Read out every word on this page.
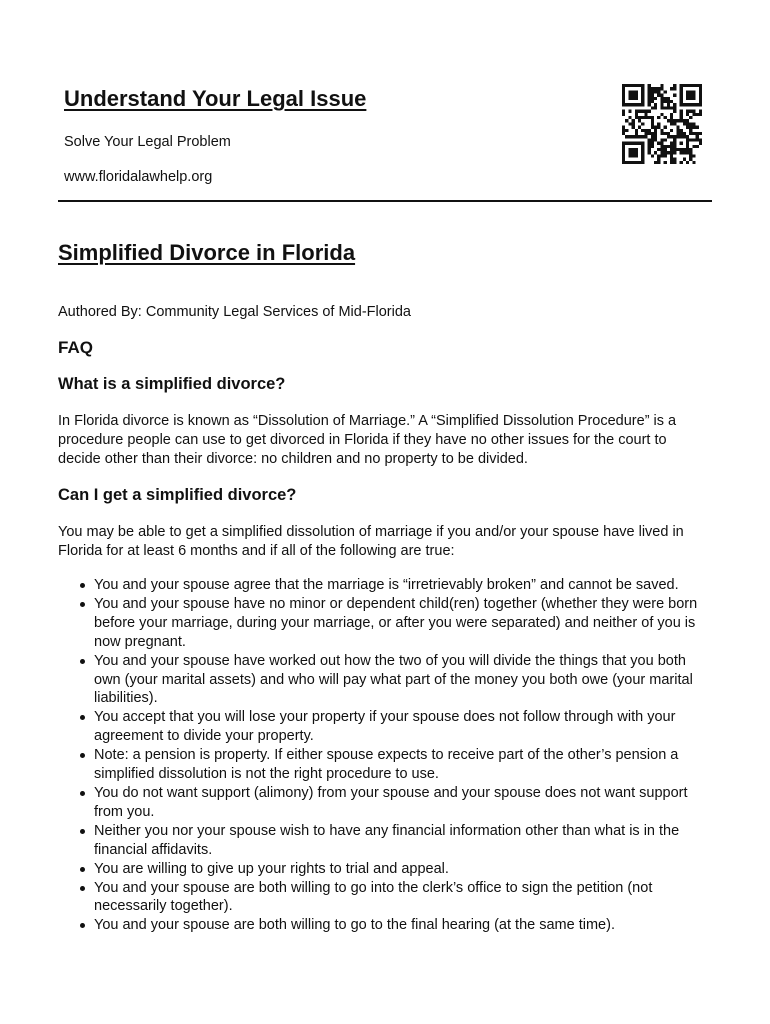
Understand Your Legal Issue

Solve Your Legal Problem

www.floridalawhelp.org

Simplified Divorce in Florida

Authored By: Community Legal Services of Mid-Florida

FAQ
What is a simplified divorce?

In Florida divorce is known as “Dissolution of Marriage.” A “Simplified Dissolution Procedure” is a procedure people can use to get divorced in Florida if they have no other issues for the court to decide other than their divorce: no children and no property to be divided.

Can I get a simplified divorce?

You may be able to get a simplified dissolution of marriage if you and/or your spouse have lived in Florida for at least 6 months and if all of the following are true:

You and your spouse agree that the marriage is “irretrievably broken” and cannot be saved.
You and your spouse have no minor or dependent child(ren) together (whether they were born before your marriage, during your marriage, or after you were separated) and neither of you is now pregnant.
You and your spouse have worked out how the two of you will divide the things that you both own (your marital assets) and who will pay what part of the money you both owe (your marital liabilities).
You accept that you will lose your property if your spouse does not follow through with your agreement to divide your property.
Note: a pension is property. If either spouse expects to receive part of the other’s pension a simplified dissolution is not the right procedure to use.
You do not want support (alimony) from your spouse and your spouse does not want support from you.
Neither you nor your spouse wish to have any financial information other than what is in the financial affidavits.
You are willing to give up your rights to trial and appeal.
You and your spouse are both willing to go into the clerk’s office to sign the petition (not necessarily together).
You and your spouse are both willing to go to the final hearing (at the same time).
